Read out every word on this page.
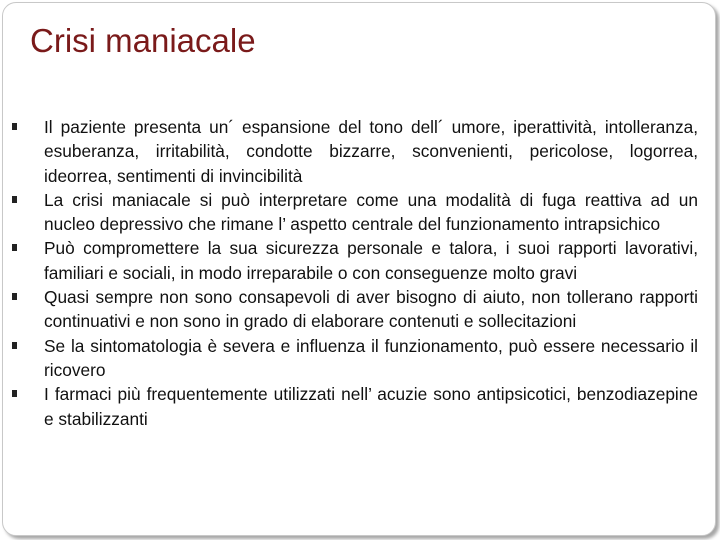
Crisi maniacale
Il paziente presenta un´ espansione del tono dell´ umore, iperattività, intolleranza, esuberanza, irritabilità, condotte bizzarre, sconvenienti, pericolose, logorrea, ideorrea, sentimenti di invincibilità
La crisi maniacale si può interpretare come una modalità di fuga reattiva ad un nucleo depressivo che rimane l’ aspetto centrale del funzionamento intrapsichico
Può compromettere la sua sicurezza personale e talora, i suoi rapporti lavorativi, familiari e sociali, in modo irreparabile o con conseguenze molto gravi
Quasi sempre non sono consapevoli di aver bisogno di aiuto, non tollerano rapporti continuativi e non sono in grado di elaborare contenuti e sollecitazioni
Se la sintomatologia è severa e influenza il funzionamento, può essere necessario il ricovero
I farmaci più frequentemente utilizzati nell’ acuzie sono antipsicotici, benzodiazepine e stabilizzanti
